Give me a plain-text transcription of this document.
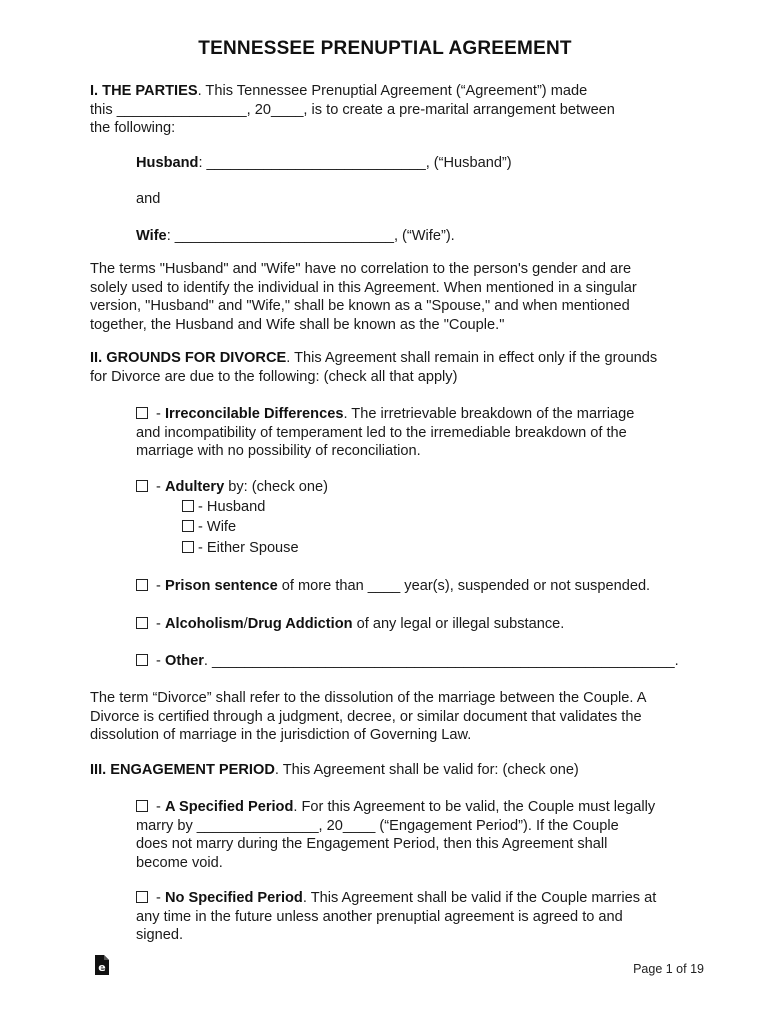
TENNESSEE PRENUPTIAL AGREEMENT
I. THE PARTIES. This Tennessee Prenuptial Agreement (“Agreement”) made
this ________________, 20____, is to create a pre-marital arrangement between
the following:
Husband: ___________________________, (“Husband”)
and
Wife: ___________________________, (“Wife”).
The terms "Husband" and "Wife" have no correlation to the person's gender and are
solely used to identify the individual in this Agreement. When mentioned in a singular
version, "Husband" and "Wife," shall be known as a "Spouse," and when mentioned
together, the Husband and Wife shall be known as the "Couple."
II. GROUNDS FOR DIVORCE. This Agreement shall remain in effect only if the grounds
for Divorce are due to the following: (check all that apply)
- Irreconcilable Differences. The irretrievable breakdown of the marriage
and incompatibility of temperament led to the irremediable breakdown of the
marriage with no possibility of reconciliation.
- Adultery by: (check one)
- Husband
- Wife
- Either Spouse
- Prison sentence of more than ____ year(s), suspended or not suspended.
- Alcoholism/Drug Addiction of any legal or illegal substance.
- Other. _________________________________________________________.
The term “Divorce” shall refer to the dissolution of the marriage between the Couple. A
Divorce is certified through a judgment, decree, or similar document that validates the
dissolution of marriage in the jurisdiction of Governing Law.
III. ENGAGEMENT PERIOD. This Agreement shall be valid for: (check one)
- A Specified Period. For this Agreement to be valid, the Couple must legally
marry by _______________, 20____ (“Engagement Period”). If the Couple
does not marry during the Engagement Period, then this Agreement shall
become void.
- No Specified Period. This Agreement shall be valid if the Couple marries at
any time in the future unless another prenuptial agreement is agreed to and
signed.
e	Page 1 of 19
